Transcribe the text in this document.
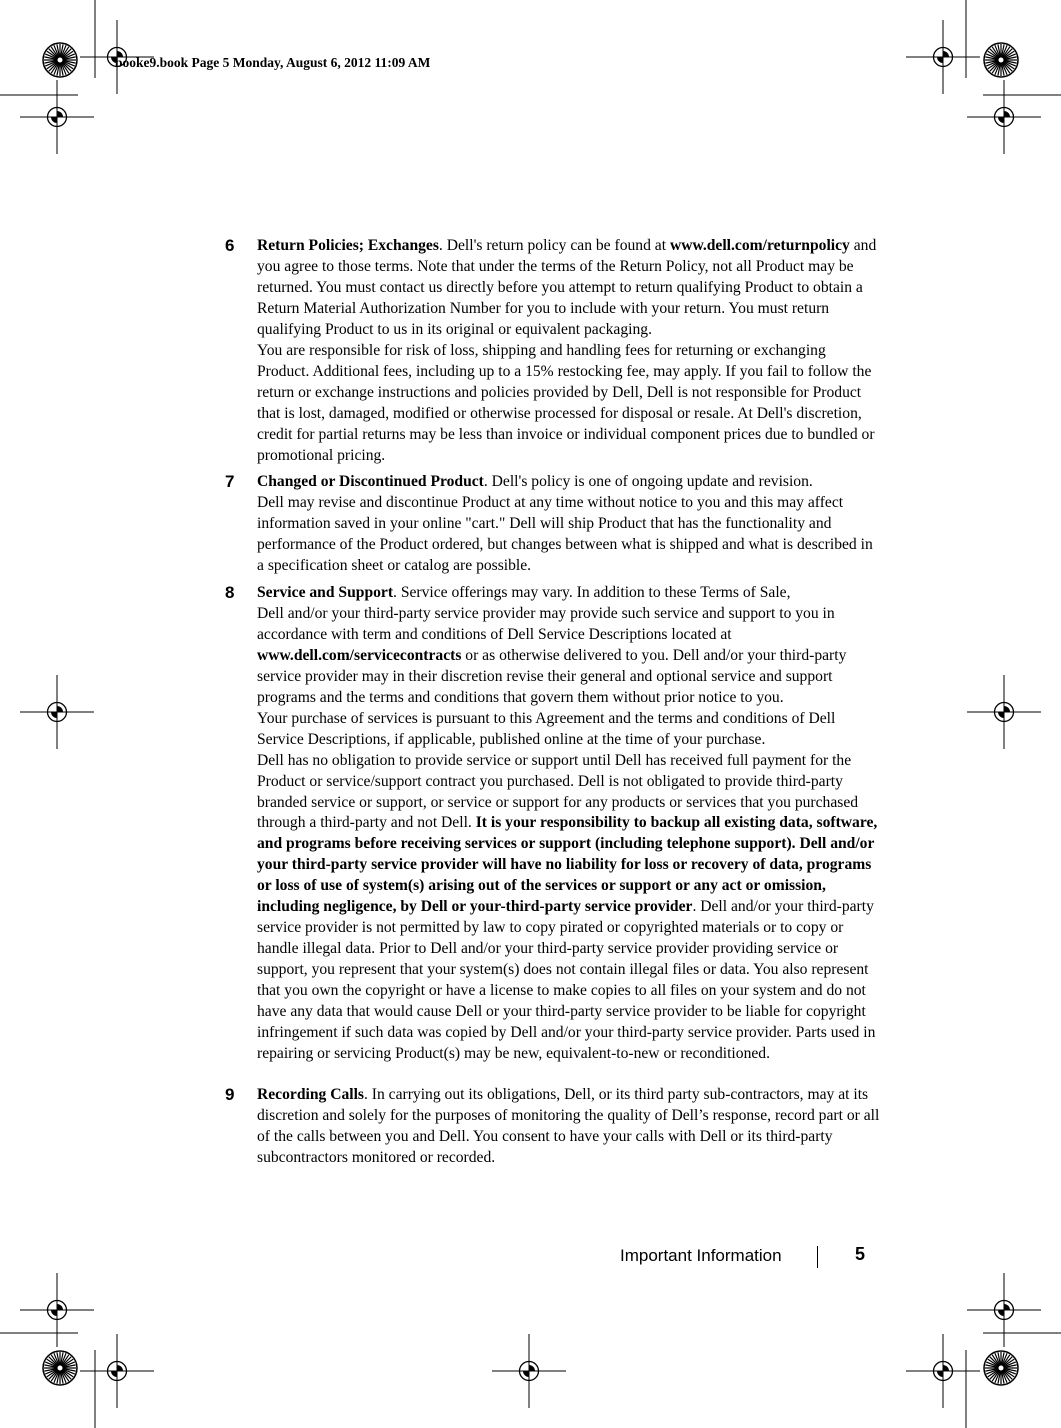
booke9.book Page 5 Monday, August 6, 2012 11:09 AM
6 Return Policies; Exchanges. Dell's return policy can be found at www.dell.com/returnpolicy and you agree to those terms. Note that under the terms of the Return Policy, not all Product may be returned. You must contact us directly before you attempt to return qualifying Product to obtain a Return Material Authorization Number for you to include with your return. You must return qualifying Product to us in its original or equivalent packaging.

You are responsible for risk of loss, shipping and handling fees for returning or exchanging Product. Additional fees, including up to a 15% restocking fee, may apply. If you fail to follow the return or exchange instructions and policies provided by Dell, Dell is not responsible for Product that is lost, damaged, modified or otherwise processed for disposal or resale. At Dell's discretion, credit for partial returns may be less than invoice or individual component prices due to bundled or promotional pricing.

7 Changed or Discontinued Product. Dell's policy is one of ongoing update and revision.

Dell may revise and discontinue Product at any time without notice to you and this may affect information saved in your online "cart." Dell will ship Product that has the functionality and performance of the Product ordered, but changes between what is shipped and what is described in a specification sheet or catalog are possible.

8 Service and Support. Service offerings may vary. In addition to these Terms of Sale,

Dell and/or your third-party service provider may provide such service and support to you in accordance with term and conditions of Dell Service Descriptions located at
www.dell.com/servicecontracts or as otherwise delivered to you. Dell and/or your third-party service provider may in their discretion revise their general and optional service and support programs and the terms and conditions that govern them without prior notice to you.

Your purchase of services is pursuant to this Agreement and the terms and conditions of Dell Service Descriptions, if applicable, published online at the time of your purchase.

Dell has no obligation to provide service or support until Dell has received full payment for the Product or service/support contract you purchased. Dell is not obligated to provide third-party branded service or support, or service or support for any products or services that you purchased through a third-party and not Dell. It is your responsibility to backup all existing data, software, and programs before receiving services or support (including telephone support). Dell and/or your third-party service provider will have no liability for loss or recovery of data, programs or loss of use of system(s) arising out of the services or support or any act or omission, including negligence, by Dell or your-third-party service provider. Dell and/or your third-party service provider is not permitted by law to copy pirated or copyrighted materials or to copy or handle illegal data. Prior to Dell and/or your third-party service provider providing service or support, you represent that your system(s) does not contain illegal files or data. You also represent that you own the copyright or have a license to make copies to all files on your system and do not have any data that would cause Dell or your third-party service provider to be liable for copyright infringement if such data was copied by Dell and/or your third-party service provider. Parts used in repairing or servicing Product(s) may be new, equivalent-to-new or reconditioned.

9 Recording Calls. In carrying out its obligations, Dell, or its third party sub-contractors, may at its discretion and solely for the purposes of monitoring the quality of Dell’s response, record part or all of the calls between you and Dell. You consent to have your calls with Dell or its third-party subcontractors monitored or recorded.

Important Information	5
